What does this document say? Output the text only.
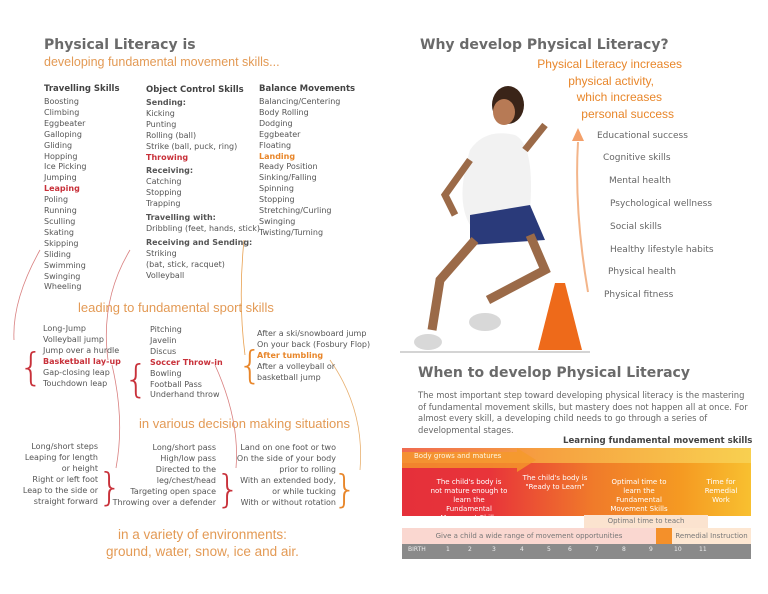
{ { {
} } }
Physical Literacy is
developing fundamental movement skills...
Travelling Skills
Boosting
Climbing
Eggbeater
Galloping
Gliding
Hopping
Ice Picking
Jumping
Leaping
Poling
Running
Sculling
Skating
Skipping
Sliding
Swimming
Swinging
Wheeling
Object Control Skills
Sending:
Kicking
Punting
Rolling (ball)
Strike (ball, puck, ring)
Throwing
Receiving:
Catching
Stopping
Trapping
Travelling with:
Dribbling (feet, hands, stick)
Receiving and Sending:
Striking
(bat, stick, racquet)
Volleyball
Balance Movements
Balancing/Centering
Body Rolling
Dodging
Eggbeater
Floating
Landing
Ready Position
Sinking/Falling
Spinning
Stopping
Stretching/Curling
Swinging
Twisting/Turning
leading to fundamental sport skills
Long-Jump
Volleyball jump
Jump over a hurdle
Basketball lay-up
Gap-closing leap
Touchdown leap
Pitching
Javelin
Discus
Soccer Throw-in
Bowling
Football Pass
Underhand throw
After a ski/snowboard jump
On your back (Fosbury Flop)
After tumbling
After a volleyball or
basketball jump
in various decision making situations
Long/short steps
Leaping for length
or height
Right or left foot
Leap to the side or
straight forward
Long/short pass
High/low pass
Directed to the
leg/chest/head
Targeting open space
Throwing over a defender
Land on one foot or two
On the side of your body
prior to rolling
With an extended body,
or while tucking
With or without rotation
in a variety of environments:
ground, water, snow, ice and air.
Why develop Physical Literacy?
Physical Literacy increases
physical activity,
which increases
personal success
Educational success
Cognitive skills
Mental health
Psychological wellness
Social skills
Healthy lifestyle habits
Physical health
Physical fitness
When to develop Physical Literacy
The most important step toward developing physical literacy is the mastering of fundamental movement skills, but mastery does not happen all at once. For almost every skill, a developing child needs to go through a series of developmental stages.
Learning fundamental movement skills
Body grows and matures
The child's body is not mature enough to learn the Fundamental Movement Skills
The child's body is "Ready to Learn"
Optimal time to learn the Fundamental Movement Skills
Time for Remedial Work
Optimal time to teach
Give a child a wide range of movement opportunities	Remedial Instruction
BIRTH	1	2	3	4	5	6	7	8	9	10	11
